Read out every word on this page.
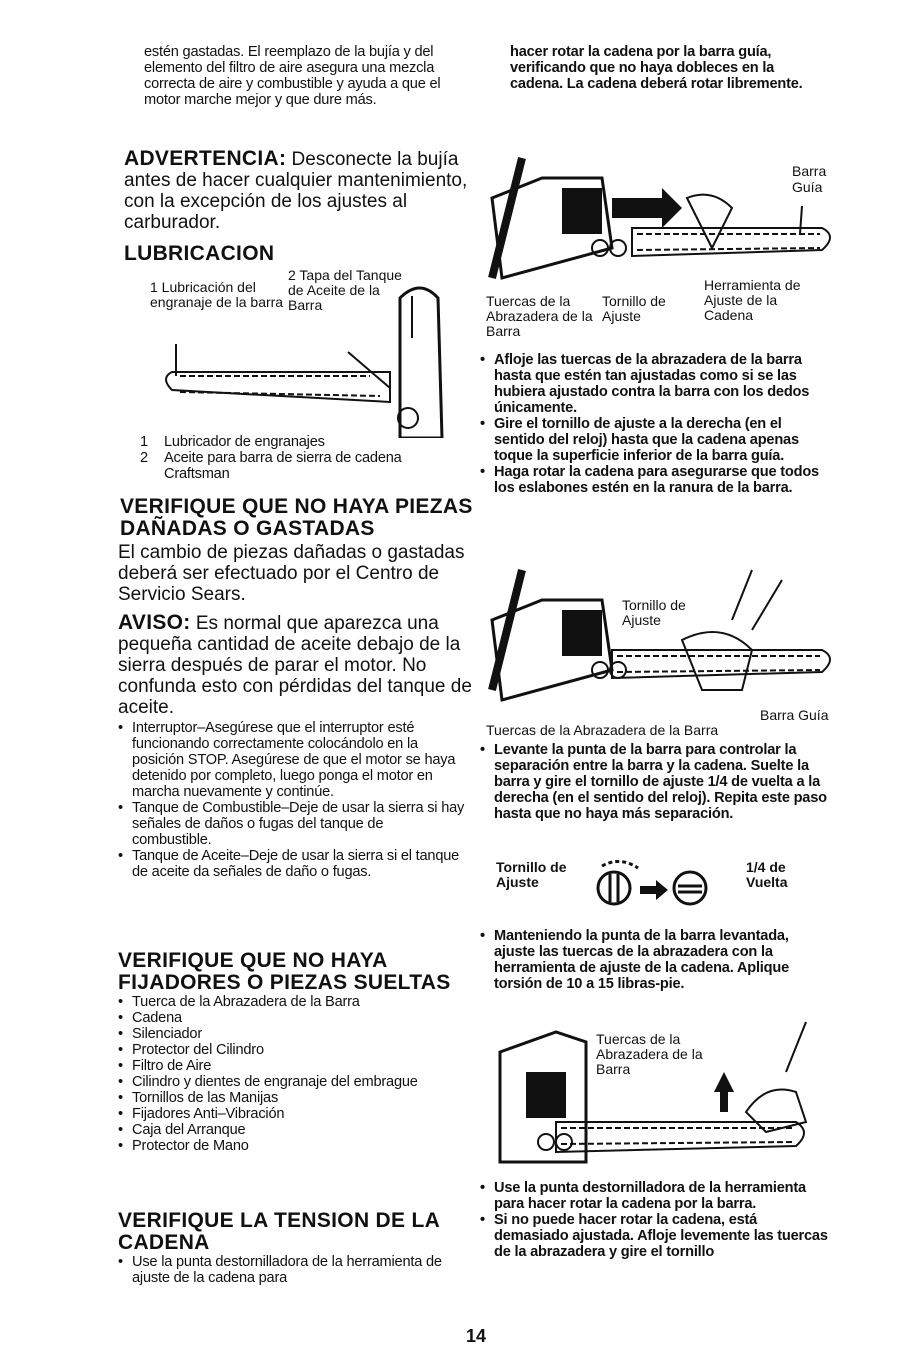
estén gastadas. El reemplazo de la bujía y del elemento del filtro de aire asegura una mezcla correcta de aire y combustible y ayuda a que el motor marche mejor y que dure más.
ADVERTENCIA: Desconecte la bujía antes de hacer cualquier mantenimiento, con la excepción de los ajustes al carburador.
LUBRICACION
1 Lubricación del engranaje de la barra
2 Tapa del Tanque de Aceite de la Barra
1 Lubricador de engranajes
2 Aceite para barra de sierra de cadena Craftsman
VERIFIQUE QUE NO HAYA PIEZAS DAÑADAS O GASTADAS
El cambio de piezas dañadas o gastadas deberá ser efectuado por el Centro de Servicio Sears.
AVISO: Es normal que aparezca una pequeña cantidad de aceite debajo de la sierra después de parar el motor. No confunda esto con pérdidas del tanque de aceite.
• Interruptor–Asegúrese que el interruptor esté funcionando correctamente colocándolo en la posición STOP. Asegúrese de que el motor se haya detenido por completo, luego ponga el motor en marcha nuevamente y continúe.
• Tanque de Combustible–Deje de usar la sierra si hay señales de daños o fugas del tanque de combustible.
• Tanque de Aceite–Deje de usar la sierra si el tanque de aceite da señales de daño o fugas.
VERIFIQUE QUE NO HAYA FIJADORES O PIEZAS SUELTAS
• Tuerca de la Abrazadera de la Barra
• Cadena
• Silenciador
• Protector del Cilindro
• Filtro de Aire
• Cilindro y dientes de engranaje del embrague
• Tornillos de las Manijas
• Fijadores Anti–Vibración
• Caja del Arranque
• Protector de Mano
VERIFIQUE LA TENSION DE LA CADENA
• Use la punta destornilladora de la herramienta de ajuste de la cadena para
hacer rotar la cadena por la barra guía, verificando que no haya dobleces en la cadena. La cadena deberá rotar libremente.
Barra
Guía
Herramienta de Ajuste de la Cadena
Tuercas de la Abrazadera de la Barra
Tornillo de Ajuste
• Afloje las tuercas de la abrazadera de la barra hasta que estén tan ajustadas como si se las hubiera ajustado contra la barra con los dedos únicamente.
• Gire el tornillo de ajuste a la derecha (en el sentido del reloj) hasta que la cadena apenas toque la superficie inferior de la barra guía.
• Haga rotar la cadena para asegurarse que todos los eslabones estén en la ranura de la barra.
Tornillo de Ajuste
Barra Guía
Tuercas de la Abrazadera de la Barra
• Levante la punta de la barra para controlar la separación entre la barra y la cadena. Suelte la barra y gire el tornillo de ajuste 1/4 de vuelta a la derecha (en el sentido del reloj). Repita este paso hasta que no haya más separación.
Tornillo de Ajuste
1/4 de Vuelta
• Manteniendo la punta de la barra levantada, ajuste las tuercas de la abrazadera con la herramienta de ajuste de la cadena. Aplique torsión de 10 a 15 libras-pie.
Tuercas de la Abrazadera de la Barra
• Use la punta destornilladora de la herramienta para hacer rotar la cadena por la barra.
• Si no puede hacer rotar la cadena, está demasiado ajustada. Afloje levemente las tuercas de la abrazadera y gire el tornillo
14
